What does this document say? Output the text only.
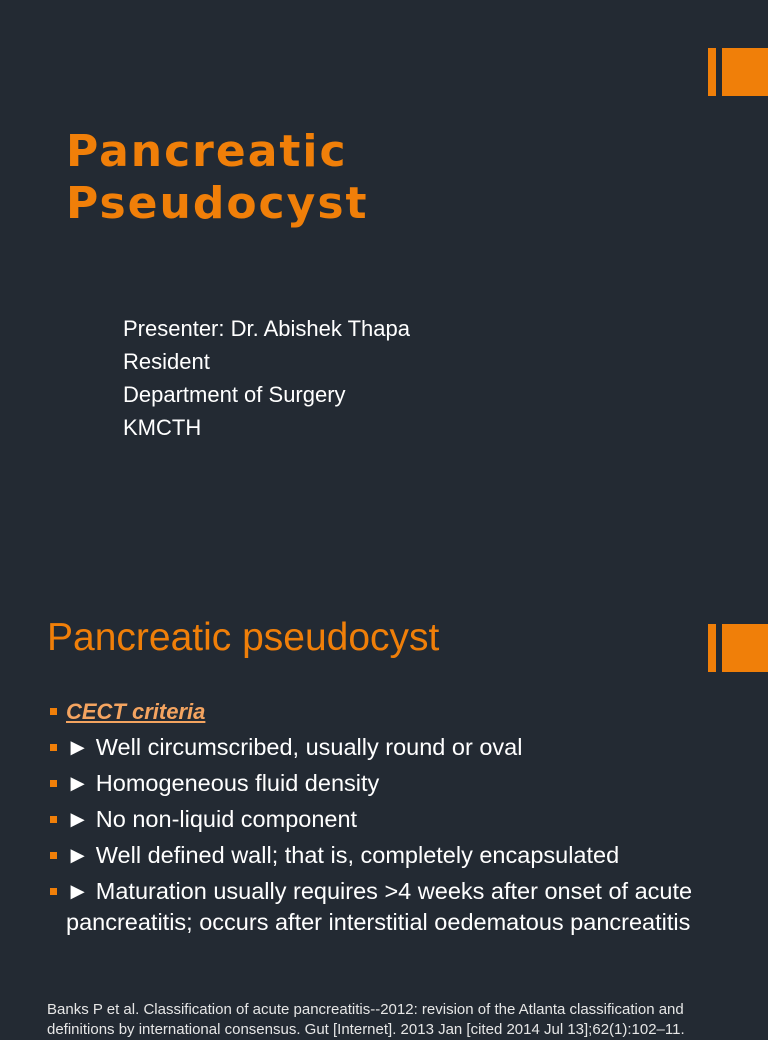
Pancreatic
Pseudocyst
Presenter: Dr. Abishek Thapa
Resident
Department of Surgery
KMCTH
Pancreatic pseudocyst
CECT criteria
► Well circumscribed, usually round or oval
► Homogeneous fluid density
► No non-liquid component
► Well defined wall; that is, completely encapsulated
► Maturation usually requires >4 weeks after onset of acute pancreatitis; occurs after interstitial oedematous pancreatitis
Banks P et al. Classification of acute pancreatitis--2012: revision of the Atlanta classification and definitions by international consensus. Gut [Internet]. 2013 Jan [cited 2014 Jul 13];62(1):102–11.
